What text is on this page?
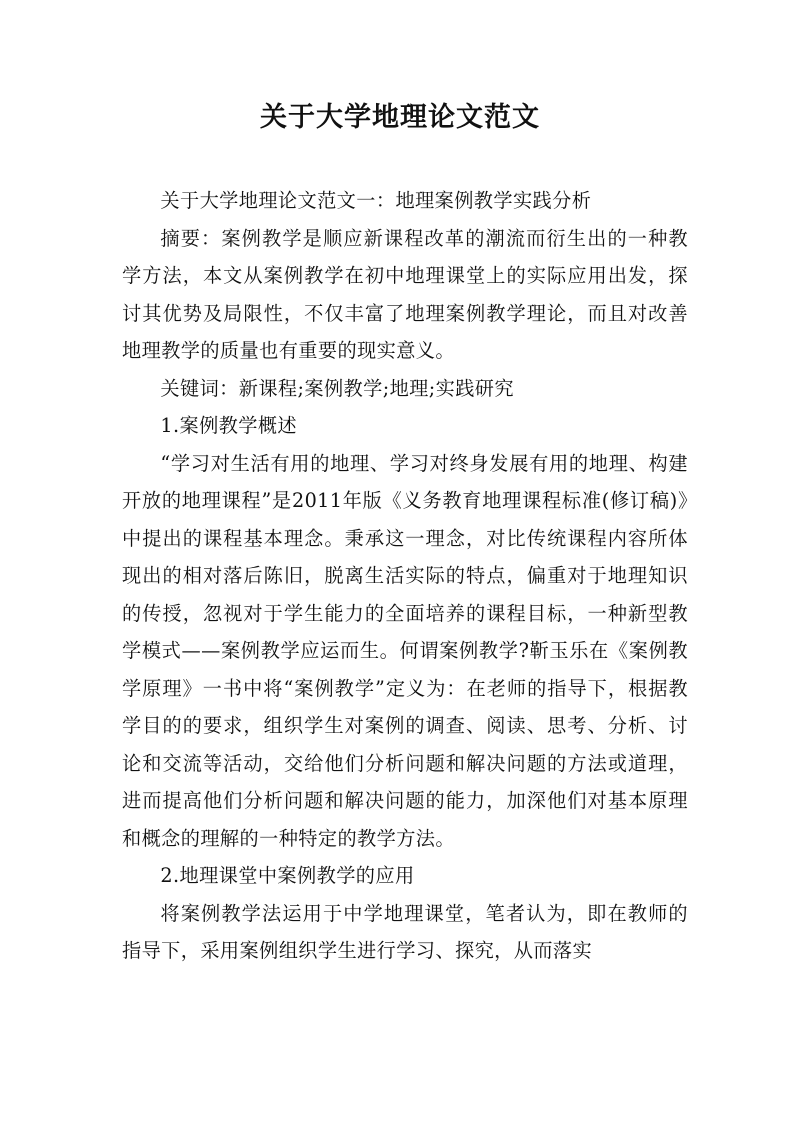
关于大学地理论文范文

关于大学地理论文范文一：地理案例教学实践分析

摘要：案例教学是顺应新课程改革的潮流而衍生出的一种教学方法，本文从案例教学在初中地理课堂上的实际应用出发，探讨其优势及局限性，不仅丰富了地理案例教学理论，而且对改善地理教学的质量也有重要的现实意义。

关键词：新课程;案例教学;地理;实践研究

1.案例教学概述

“学习对生活有用的地理、学习对终身发展有用的地理、构建开放的地理课程”是2011年版《义务教育地理课程标准(修订稿)》中提出的课程基本理念。秉承这一理念，对比传统课程内容所体现出的相对落后陈旧，脱离生活实际的特点，偏重对于地理知识的传授，忽视对于学生能力的全面培养的课程目标，一种新型教学模式——案例教学应运而生。何谓案例教学?靳玉乐在《案例教学原理》一书中将“案例教学”定义为：在老师的指导下，根据教学目的的要求，组织学生对案例的调查、阅读、思考、分析、讨论和交流等活动，交给他们分析问题和解决问题的方法或道理，进而提高他们分析问题和解决问题的能力，加深他们对基本原理和概念的理解的一种特定的教学方法。

2.地理课堂中案例教学的应用

将案例教学法运用于中学地理课堂，笔者认为，即在教师的指导下，采用案例组织学生进行学习、探究，从而落实
